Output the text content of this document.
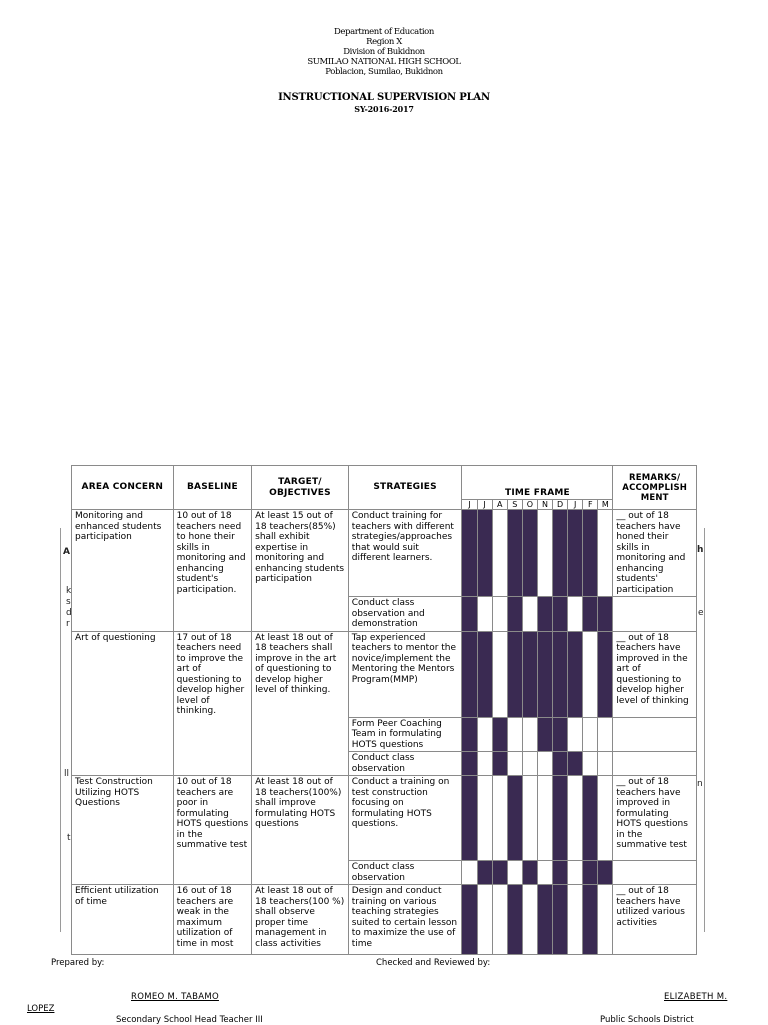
Department of Education
Region X
Division of Bukidnon
SUMILAO NATIONAL HIGH SCHOOL
Poblacion, Sumilao, Bukidnon
INSTRUCTIONAL SUPERVISION PLAN
SY-2016-2017
A	h
k
s
d
r
e
ll
n
t
AREA CONCERN	BASELINE	TARGET/ OBJECTIVES	STRATEGIES	TIME FRAME										REMARKS/ ACCOMPLISH MENT
				J	J	A	S	O	N	D	J	F	M	
Monitoring and enhanced students participation	10 out of 18 teachers need to hone their skills in monitoring and enhancing student's participation.	At least 15 out of 18 teachers(85%) shall exhibit expertise in monitoring and enhancing students participation	Conduct training for teachers with different strategies/approaches that would suit different learners.											__ out of 18 teachers have honed their skills in monitoring and enhancing students' participation
			Conduct class observation and demonstration											
Art of questioning	17 out of 18 teachers need to improve the art of questioning to develop higher level of thinking.	At least 18 out of 18 teachers shall improve in the art of questioning to develop higher level of thinking.	Tap experienced teachers to mentor the novice/implement the Mentoring the Mentors Program(MMP)											__ out of 18 teachers have improved in the art of questioning to develop higher level of thinking
			Form Peer Coaching Team in formulating HOTS questions											
			Conduct class observation											
Test Construction Utilizing HOTS Questions	10 out of 18 teachers are poor in formulating HOTS questions in the summative test	At least 18 out of 18 teachers(100%) shall improve formulating HOTS questions	Conduct a training on test construction focusing on formulating HOTS questions.											__ out of 18 teachers have improved in formulating HOTS questions in the summative test
			Conduct class observation											
Efficient utilization of time	16 out of 18 teachers are weak in the maximum utilization of time in most	At least 18 out of 18 teachers(100 %) shall observe proper time management in class activities	Design and conduct training on various teaching strategies suited to certain lesson to maximize the use of time											__ out of 18 teachers have utilized various activities
Prepared by:	Checked and Reviewed by:
ROMEO M. TABAMO	ELIZABETH M.
LOPEZ
Secondary School Head Teacher III	Public Schools District
